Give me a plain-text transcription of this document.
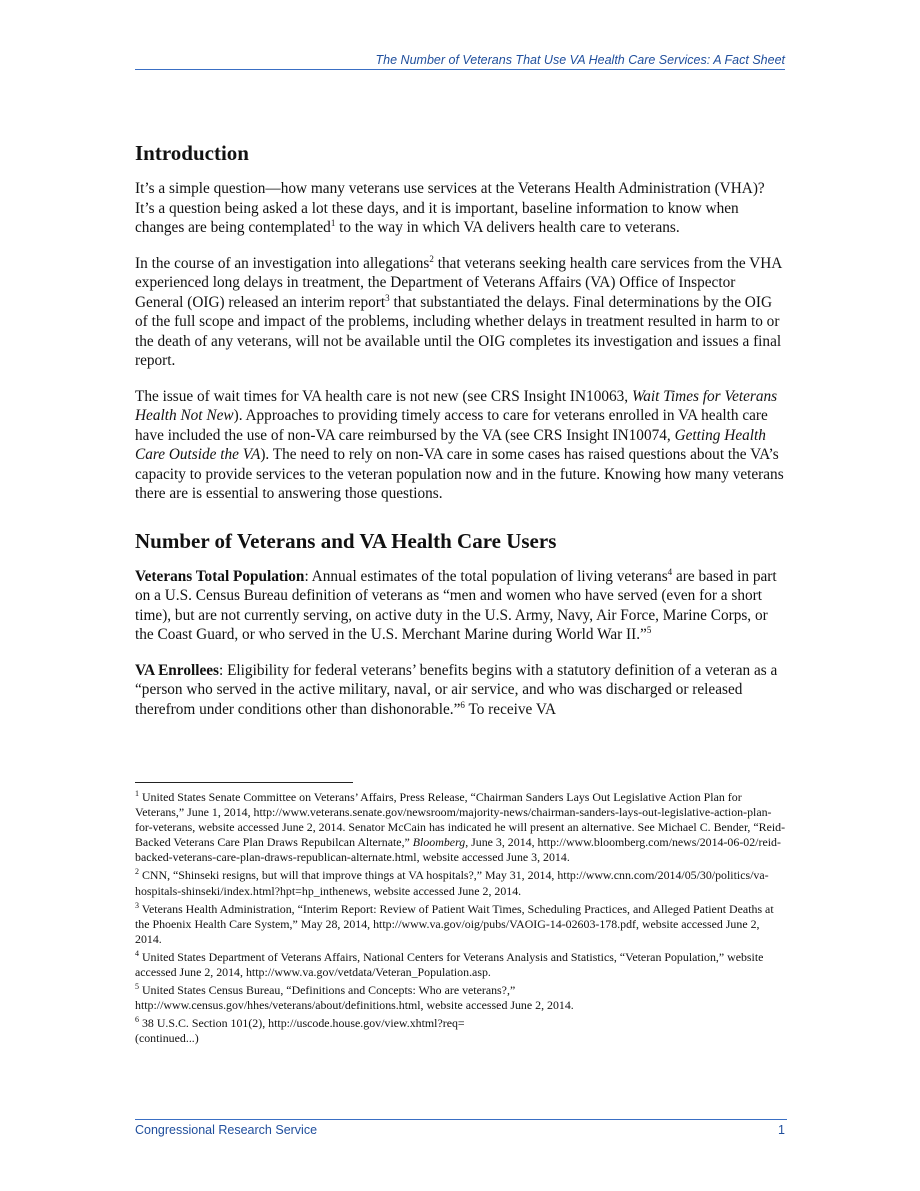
The Number of Veterans That Use VA Health Care Services: A Fact Sheet
Introduction

It’s a simple question—how many veterans use services at the Veterans Health Administration (VHA)? It’s a question being asked a lot these days, and it is important, baseline information to know when changes are being contemplated$^1$ to the way in which VA delivers health care to veterans.

In the course of an investigation into allegations$^2$ that veterans seeking health care services from the VHA experienced long delays in treatment, the Department of Veterans Affairs (VA) Office of Inspector General (OIG) released an interim report$^3$ that substantiated the delays. Final determinations by the OIG of the full scope and impact of the problems, including whether delays in treatment resulted in harm to or the death of any veterans, will not be available until the OIG completes its investigation and issues a final report.

The issue of wait times for VA health care is not new (see CRS Insight IN10063, Wait Times for Veterans Health Not New). Approaches to providing timely access to care for veterans enrolled in VA health care have included the use of non-VA care reimbursed by the VA (see CRS Insight IN10074, Getting Health Care Outside the VA). The need to rely on non-VA care in some cases has raised questions about the VA’s capacity to provide services to the veteran population now and in the future. Knowing how many veterans there are is essential to answering those questions.

Number of Veterans and VA Health Care Users

Veterans Total Population: Annual estimates of the total population of living veterans$^4$ are based in part on a U.S. Census Bureau definition of veterans as “men and women who have served (even for a short time), but are not currently serving, on active duty in the U.S. Army, Navy, Air Force, Marine Corps, or the Coast Guard, or who served in the U.S. Merchant Marine during World War II.”$^5$

VA Enrollees: Eligibility for federal veterans’ benefits begins with a statutory definition of a veteran as a “person who served in the active military, naval, or air service, and who was discharged or released therefrom under conditions other than dishonorable.”$^6$ To receive VA

$^1$ United States Senate Committee on Veterans’ Affairs, Press Release, “Chairman Sanders Lays Out Legislative Action Plan for Veterans,” June 1, 2014, http://www.veterans.senate.gov/newsroom/majority-news/chairman-sanders-lays-out-legislative-action-plan-for-veterans, website accessed June 2, 2014. Senator McCain has indicated he will present an alternative. See Michael C. Bender, “Reid-Backed Veterans Care Plan Draws Repubilcan Alternate,” Bloomberg, June 3, 2014, http://www.bloomberg.com/news/2014-06-02/reid-backed-veterans-care-plan-draws-republican-alternate.html, website accessed June 3, 2014.
$^2$ CNN, “Shinseki resigns, but will that improve things at VA hospitals?,” May 31, 2014, http://www.cnn.com/2014/05/30/politics/va-hospitals-shinseki/index.html?hpt=hp_inthenews, website accessed June 2, 2014.
$^3$ Veterans Health Administration, “Interim Report: Review of Patient Wait Times, Scheduling Practices, and Alleged Patient Deaths at the Phoenix Health Care System,” May 28, 2014, http://www.va.gov/oig/pubs/VAOIG-14-02603-178.pdf, website accessed June 2, 2014.
$^4$ United States Department of Veterans Affairs, National Centers for Veterans Analysis and Statistics, “Veteran Population,” website accessed June 2, 2014, http://www.va.gov/vetdata/Veteran_Population.asp.
$^5$ United States Census Bureau, “Definitions and Concepts: Who are veterans?,” http://www.census.gov/hhes/veterans/about/definitions.html, website accessed June 2, 2014.
$^6$ 38 U.S.C. Section 101(2), http://uscode.house.gov/view.xhtml?req=
(continued...)
Congressional Research Service	1
